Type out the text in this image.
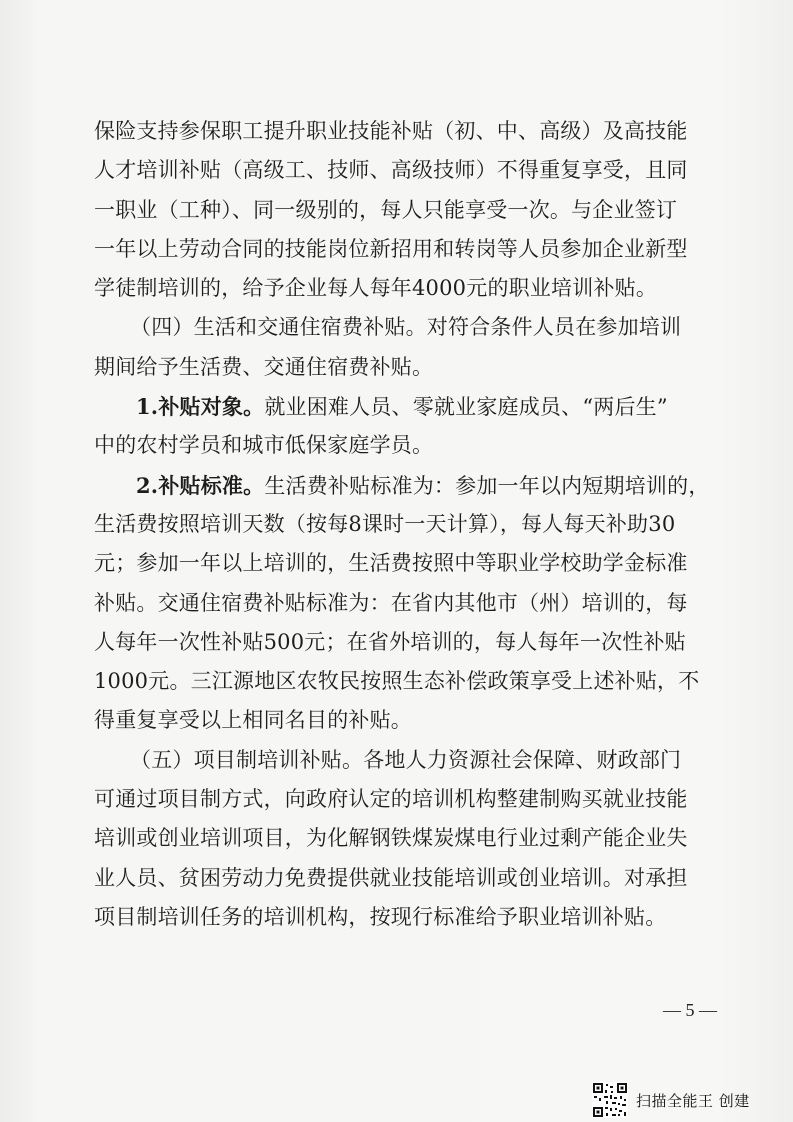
保险支持参保职工提升职业技能补贴（初、中、高级）及高技能
人才培训补贴（高级工、技师、高级技师）不得重复享受，且同
一职业（工种）、同一级别的，每人只能享受一次。与企业签订
一年以上劳动合同的技能岗位新招用和转岗等人员参加企业新型
学徒制培训的，给予企业每人每年4000元的职业培训补贴。
（四）生活和交通住宿费补贴。对符合条件人员在参加培训
期间给予生活费、交通住宿费补贴。
1.补贴对象。就业困难人员、零就业家庭成员、“两后生”
中的农村学员和城市低保家庭学员。
2.补贴标准。生活费补贴标准为：参加一年以内短期培训的，
生活费按照培训天数（按每8课时一天计算），每人每天补助30
元；参加一年以上培训的，生活费按照中等职业学校助学金标准
补贴。交通住宿费补贴标准为：在省内其他市（州）培训的，每
人每年一次性补贴500元；在省外培训的，每人每年一次性补贴
1000元。三江源地区农牧民按照生态补偿政策享受上述补贴，不
得重复享受以上相同名目的补贴。
（五）项目制培训补贴。各地人力资源社会保障、财政部门
可通过项目制方式，向政府认定的培训机构整建制购买就业技能
培训或创业培训项目，为化解钢铁煤炭煤电行业过剩产能企业失
业人员、贫困劳动力免费提供就业技能培训或创业培训。对承担
项目制培训任务的培训机构，按现行标准给予职业培训补贴。
— 5 —
扫描全能王 创建
